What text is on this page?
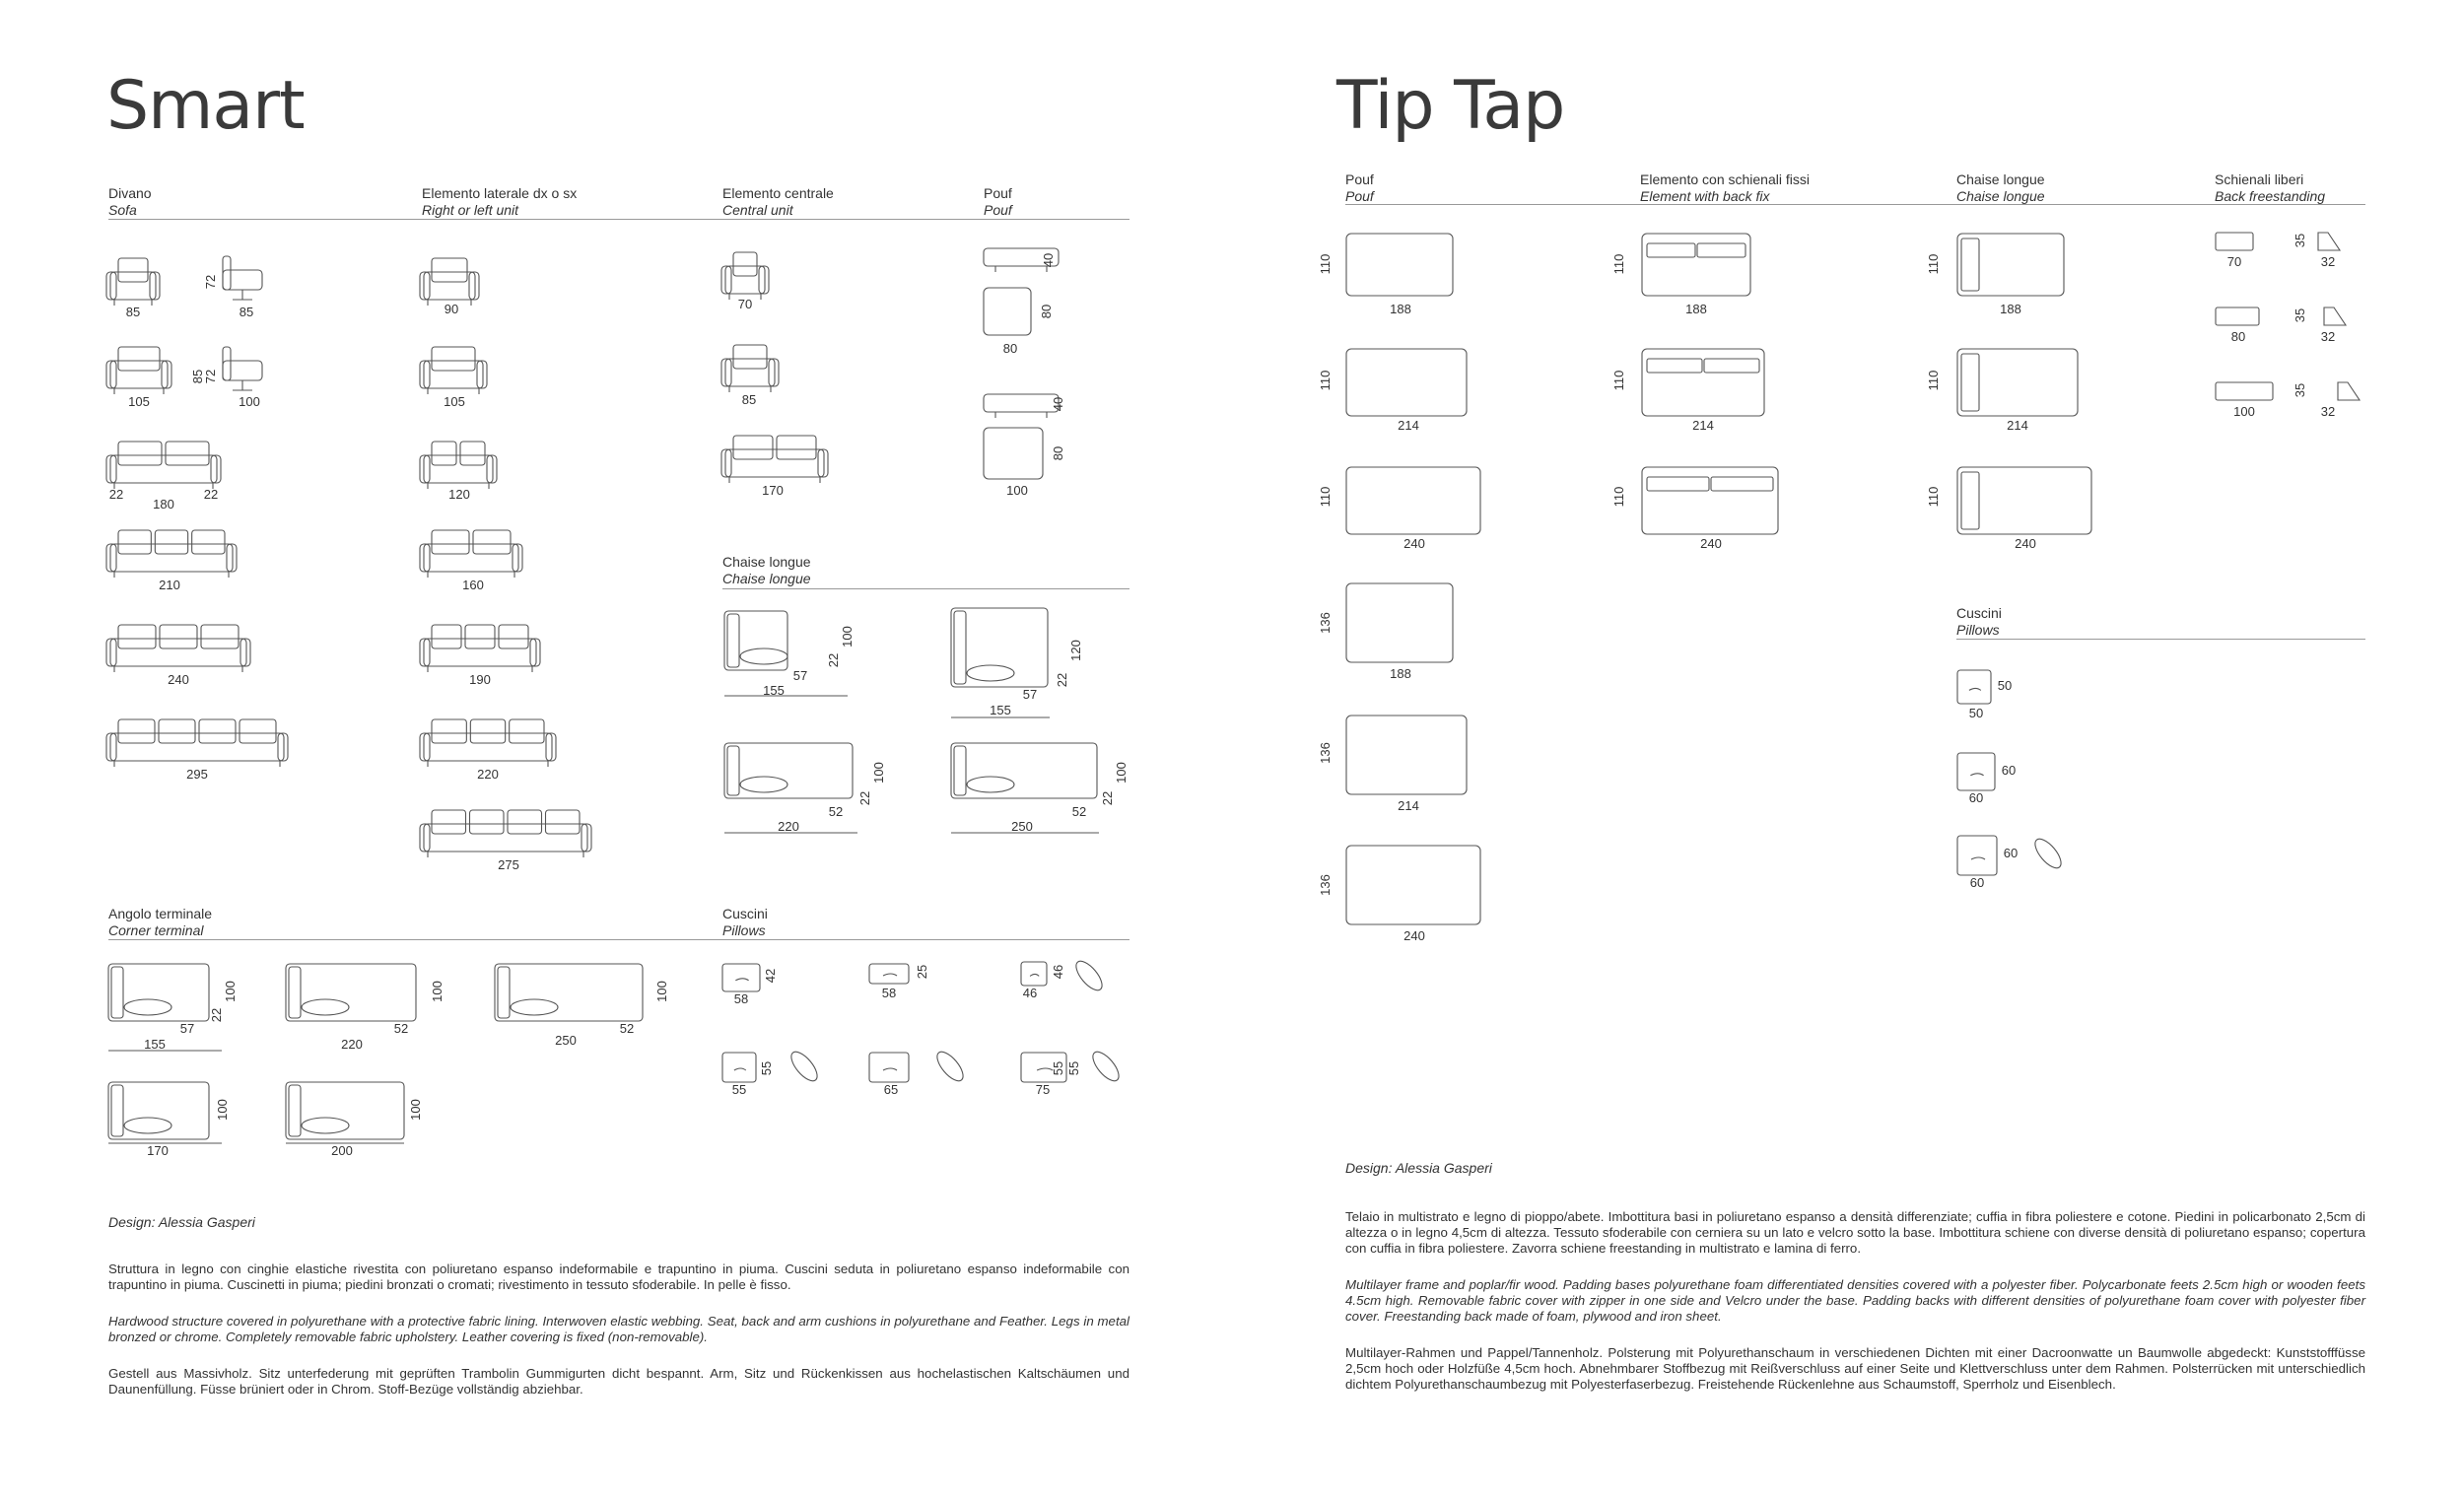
Smart
Divano
Sofa
Elemento laterale dx o sx
Right or left unit
Elemento centrale
Central unit
Pouf
Pouf
Chaise longue
Chaise longue
Angolo terminale
Corner terminal
Cuscini
Pillows
Design: Alessia Gasperi

Struttura in legno con cinghie elastiche rivestita con poliuretano espanso indeformabile e trapuntino in piuma. Cuscini seduta in poliuretano espanso indeformabile con trapuntino in piuma. Cuscinetti in piuma; piedini bronzati o cromati; rivestimento in tessuto sfoderabile. In pelle è fisso.

Hardwood structure covered in polyurethane with a protective fabric lining. Interwoven elastic webbing. Seat, back and arm cushions in polyurethane and Feather. Legs in metal bronzed or chrome. Completely removable fabric upholstery. Leather covering is fixed (non-removable).

Gestell aus Massivholz. Sitz unterfederung mit geprüften Trambolin Gummigurten dicht bespannt. Arm, Sitz und Rückenkissen aus hochelastischen Kaltschäumen und Daunenfüllung. Füsse brüniert oder in Chrom. Stoff-Bezüge vollständig abziehbar.

Tip Tap
Pouf
Pouf
Elemento con schienali fissi
Element with back fix
Chaise longue
Chaise longue
Schienali liberi
Back freestanding
Cuscini
Pillows
Design: Alessia Gasperi

Telaio in multistrato e legno di pioppo/abete. Imbottitura basi in poliuretano espanso a densità differenziate; cuffia in fibra poliestere e cotone. Piedini in policarbonato 2,5cm di altezza o in legno 4,5cm di altezza. Tessuto sfoderabile con cerniera su un lato e velcro sotto la base. Imbottitura schiene con diverse densità di poliuretano espanso; copertura con cuffia in fibra poliestere. Zavorra schiene freestanding in multistrato e lamina di ferro.

Multilayer frame and poplar/fir wood. Padding bases polyurethane foam differentiated densities covered with a polyester fiber. Polycarbonate feets 2.5cm high or wooden feets 4.5cm high. Removable fabric cover with zipper in one side and Velcro under the base. Padding backs with different densities of polyurethane foam cover with polyester fiber cover. Freestanding back made of foam, plywood and iron sheet.

Multilayer-Rahmen und Pappel/Tannenholz. Polsterung mit Polyurethanschaum in verschiedenen Dichten mit einer Dacroonwatte un Baumwolle abgedeckt: Kunststofffüsse 2,5cm hoch oder Holzfüße 4,5cm hoch. Abnehmbarer Stoffbezug mit Reißverschluss auf einer Seite und Klettverschluss unter dem Rahmen. Polsterrücken mit unterschiedlich dichtem Polyurethanschaumbezug mit Polyesterfaserbezug. Freistehende Rückenlehne aus Schaumstoff, Sperrholz und Eisenblech.

85	85
72
105	100
85
72
22
180
22
210
240
295
90
105
120
160
190
220
275
70
85
170
40
80
80
40
80
100
155
57
22
100
155
57
22
120
220
52
22
100
250
52
22
100
155
57
22
100
220
52
100
250
52
100
170
100
200
100
58
42
58
25
46
46
55
55
65
55
75
55
110
188
110
214
110
240
136
188
136
214
136
240
110
188
110
214
110
240
110
188
110
214
110
240
70
35
32
80
35
32
100
35
32
50
50
60
60
60
60
